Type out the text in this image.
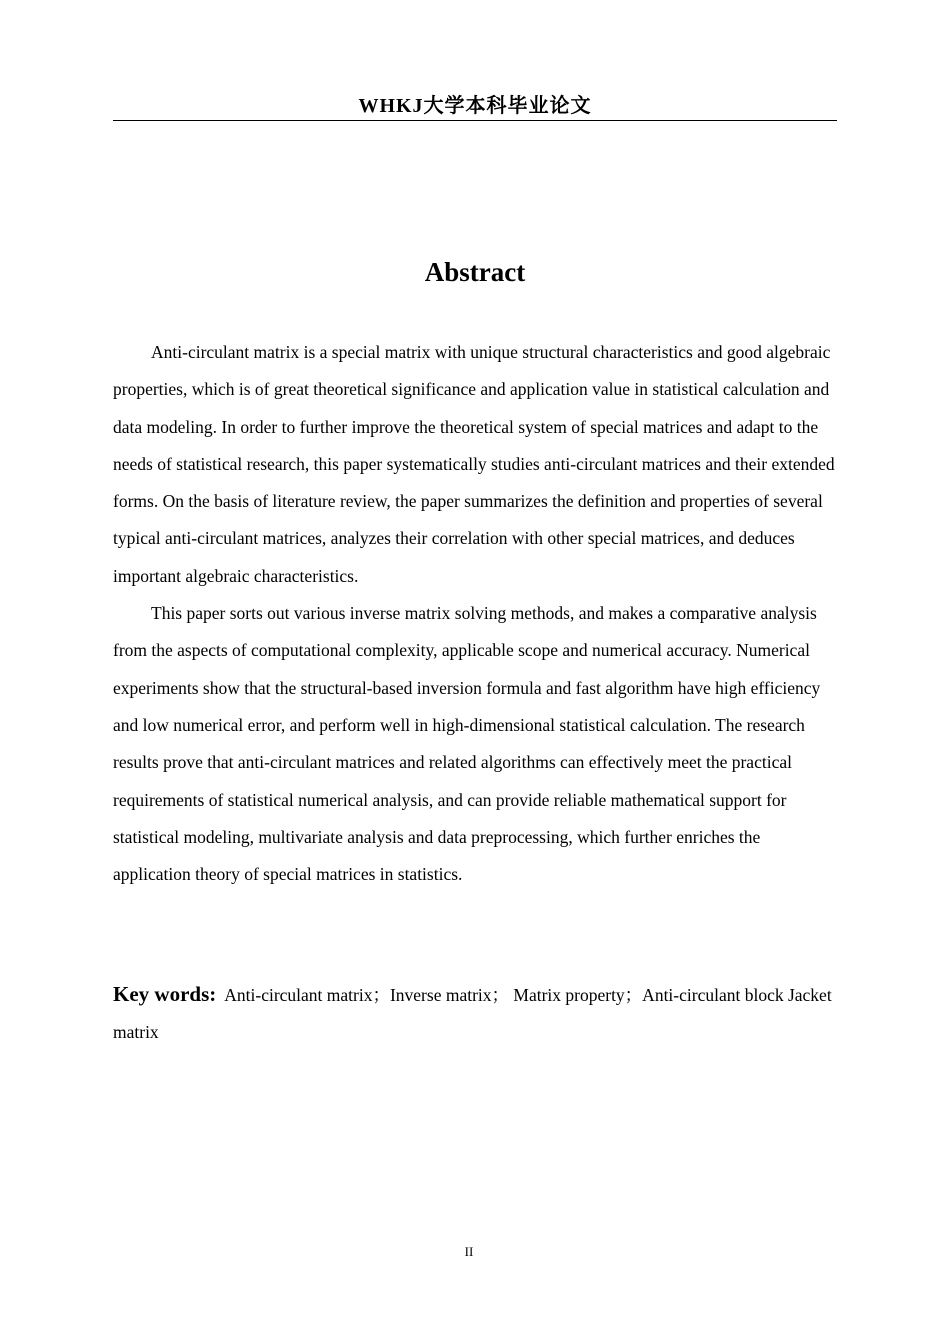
WHKJ大学本科毕业论文
Abstract

Anti-circulant matrix is a special matrix with unique structural characteristics and good algebraic properties, which is of great theoretical significance and application value in statistical calculation and data modeling. In order to further improve the theoretical system of special matrices and adapt to the needs of statistical research, this paper systematically studies anti-circulant matrices and their extended forms. On the basis of literature review, the paper summarizes the definition and properties of several typical anti-circulant matrices, analyzes their correlation with other special matrices, and deduces important algebraic characteristics.

This paper sorts out various inverse matrix solving methods, and makes a comparative analysis from the aspects of computational complexity, applicable scope and numerical accuracy. Numerical experiments show that the structural-based inversion formula and fast algorithm have high efficiency and low numerical error, and perform well in high-dimensional statistical calculation. The research results prove that anti-circulant matrices and related algorithms can effectively meet the practical requirements of statistical numerical analysis, and can provide reliable mathematical support for statistical modeling, multivariate analysis and data preprocessing, which further enriches the application theory of special matrices in statistics.

Key words: Anti-circulant matrix；Inverse matrix； Matrix property；Anti-circulant block Jacket matrix
II
